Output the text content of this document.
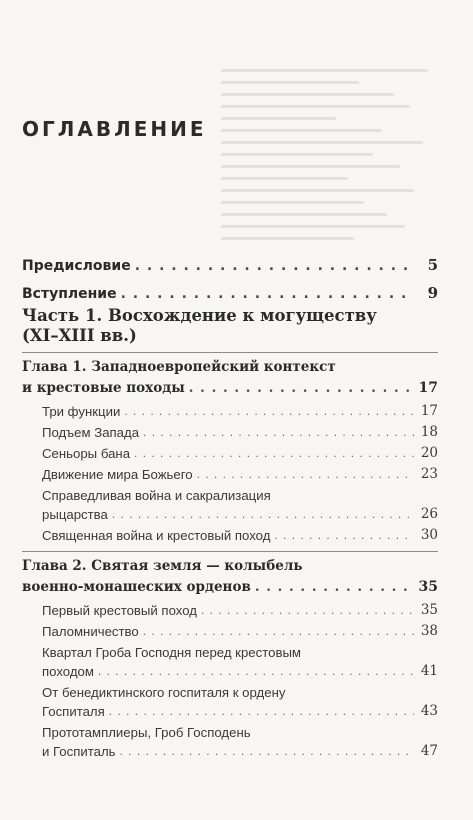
ОГЛАВЛЕНИЕ
Предисловие . . .	5
Вступление . . .	9
Часть 1. Восхождение к могуществу
(XI–XIII вв.)
Глава 1. Западноевропейский контекст
и крестовые походы . . .	17
Три функции . . .	17
Подъем Запада . . .	18
Сеньоры бана . . .	20
Движение мира Божьего . . .	23
Справедливая война и сакрализация
рыцарства . . .	26
Священная война и крестовый поход . . .	30
Глава 2. Святая земля — колыбель
военно-монашеских орденов . . .	35
Первый крестовый поход . . .	35
Паломничество . . .	38
Квартал Гроба Господня перед крестовым
походом . . .	41
От бенедиктинского госпиталя к ордену
Госпиталя . . .	43
Прототамплиеры, Гроб Господень
и Госпиталь . . .	47
